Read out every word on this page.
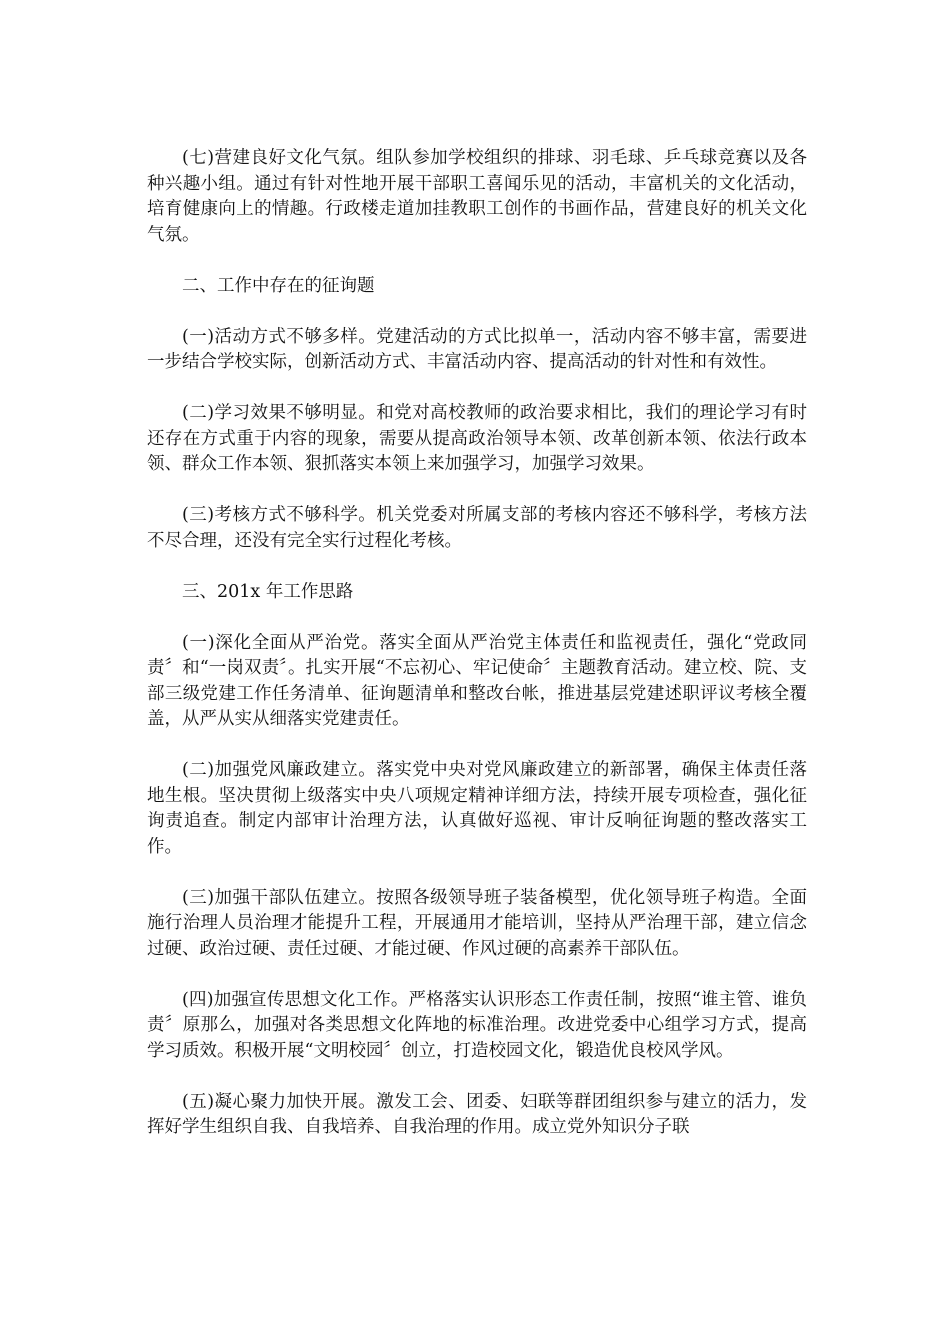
(七)营建良好文化气氛。组队参加学校组织的排球、羽毛球、乒乓球竞赛以及各种兴趣小组。通过有针对性地开展干部职工喜闻乐见的活动，丰富机关的文化活动，培育健康向上的情趣。行政楼走道加挂教职工创作的书画作品，营建良好的机关文化气氛。

二、工作中存在的征询题

(一)活动方式不够多样。党建活动的方式比拟单一，活动内容不够丰富，需要进一步结合学校实际，创新活动方式、丰富活动内容、提高活动的针对性和有效性。

(二)学习效果不够明显。和党对高校教师的政治要求相比，我们的理论学习有时还存在方式重于内容的现象，需要从提高政治领导本领、改革创新本领、依法行政本领、群众工作本领、狠抓落实本领上来加强学习，加强学习效果。

(三)考核方式不够科学。机关党委对所属支部的考核内容还不够科学，考核方法不尽合理，还没有完全实行过程化考核。

三、201x 年工作思路

(一)深化全面从严治党。落实全面从严治党主体责任和监视责任，强化“党政同责〞和“一岗双责〞。扎实开展“不忘初心、牢记使命〞主题教育活动。建立校、院、支部三级党建工作任务清单、征询题清单和整改台帐，推进基层党建述职评议考核全覆盖，从严从实从细落实党建责任。

(二)加强党风廉政建立。落实党中央对党风廉政建立的新部署，确保主体责任落地生根。坚决贯彻上级落实中央八项规定精神详细方法，持续开展专项检查，强化征询责追查。制定内部审计治理方法，认真做好巡视、审计反响征询题的整改落实工作。

(三)加强干部队伍建立。按照各级领导班子装备模型，优化领导班子构造。全面施行治理人员治理才能提升工程，开展通用才能培训，坚持从严治理干部，建立信念过硬、政治过硬、责任过硬、才能过硬、作风过硬的高素养干部队伍。

(四)加强宣传思想文化工作。严格落实认识形态工作责任制，按照“谁主管、谁负责〞原那么，加强对各类思想文化阵地的标准治理。改进党委中心组学习方式，提高学习质效。积极开展“文明校园〞创立，打造校园文化，锻造优良校风学风。

(五)凝心聚力加快开展。激发工会、团委、妇联等群团组织参与建立的活力，发挥好学生组织自我、自我培养、自我治理的作用。成立党外知识分子联
